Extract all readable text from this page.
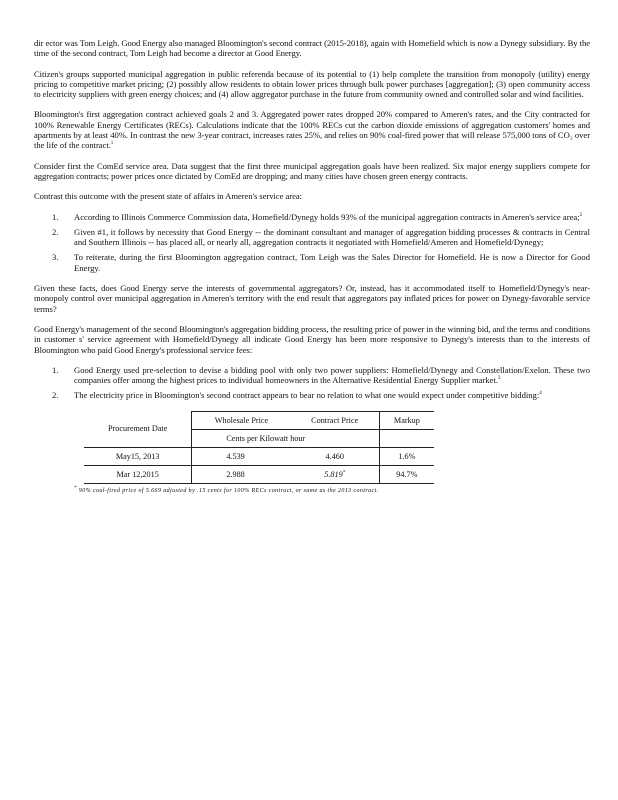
dir ector was Tom Leigh. Good Energy also managed Bloomington's second contract (2015-2018), again with Homefield which is now a Dynegy subsidiary. By the time of the second contract, Tom Leigh had become a director at Good Energy.

Citizen's groups supported municipal aggregation in public referenda because of its potential to (1) help complete the transition from monopoly (utility) energy pricing to competitive market pricing; (2) possibly allow residents to obtain lower prices through bulk power purchases [aggregation]; (3) open community access to electricity suppliers with green energy choices; and (4) allow aggregator purchase in the future from community owned and controlled solar and wind facilities.

Bloomington's first aggregation contract achieved goals 2 and 3. Aggregated power rates dropped 20% compared to Ameren's rates, and the City contracted for 100% Renewable Energy Certificates (RECs). Calculations indicate that the 100% RECs cut the carbon dioxide emissions of aggregation customers' homes and apartments by at least 40%. In contrast the new 3-year contract, increases rates 25%, and relies on 90% coal-fired power that will release 575,000 tons of CO₂ over the life of the contract.$^1$

Consider first the ComEd service area. Data suggest that the first three municipal aggregation goals have been realized. Six major energy suppliers compete for aggregation contracts; power prices once dictated by ComEd are dropping; and many cities have chosen green energy contracts.

Contrast this outcome with the present state of affairs in Ameren's service area:

1. According to Illinois Commerce Commission data, Homefield/Dynegy holds 93% of the municipal aggregation contracts in Ameren's service area;$^2$
2. Given #1, it follows by necessity that Good Energy -- the dominant consultant and manager of aggregation bidding processes & contracts in Central and Southern Illinois -- has placed all, or nearly all, aggregation contracts it negotiated with Homefield/Ameren and Homefield/Dynegy;
3. To reiterate, during the first Bloomington aggregation contract, Tom Leigh was the Sales Director for Homefield. He is now a Director for Good Energy.

Given these facts, does Good Energy serve the interests of governmental aggregators? Or, instead, has it accommodated itself to Homefield/Dynegy's near-monopoly control over municipal aggregation in Ameren's territory with the end result that aggregators pay inflated prices for power on Dynegy-favorable service terms?

Good Energy's management of the second Bloomington's aggregation bidding process, the resulting price of power in the winning bid, and the terms and conditions in customer s' service agreement with Homefield/Dynegy all indicate Good Energy has been more responsive to Dynegy's interests than to the interests of Bloomington who paid Good Energy's professional service fees:

1. Good Energy used pre-selection to devise a bidding pool with only two power suppliers: Homefield/Dynegy and Constellation/Exelon. These two companies offer among the highest prices to individual homeowners in the Alternative Residential Energy Supplier market.$^3$
2. The electricity price in Bloomington's second contract appears to bear no relation to what one would expect under competitive bidding:$^4$
Procurement Date	Wholesale Price	Contract Price	Markup
	Cents per Kilowatt hour		
May15, 2013	4.539	4.460	1.6%
Mar 12,2015	2.988	5.819*	94.7%
* 90% coal-fired price of 5.669 adjusted by .15 cents for 100% RECs contract, or same as the 2013 contract.
